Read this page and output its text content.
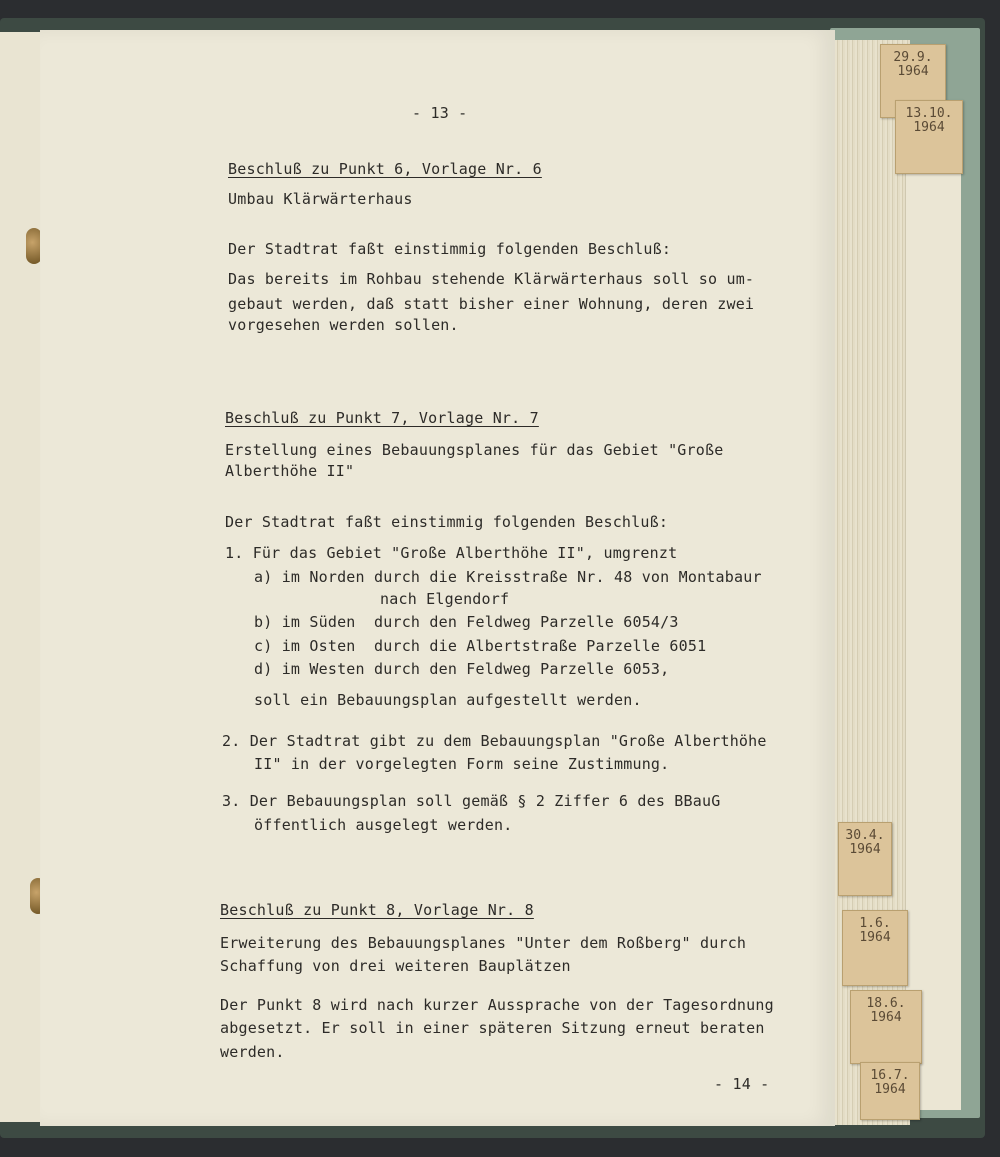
29.9.
1964
13.10.
1964
30.4.
1964
1.6.
1964
18.6.
1964
16.7.
1964
- 13 -
Beschluß zu Punkt 6, Vorlage Nr. 6
Umbau Klärwärterhaus
Der Stadtrat faßt einstimmig folgenden Beschluß:
Das bereits im Rohbau stehende Klärwärterhaus soll so um-
gebaut werden, daß statt bisher einer Wohnung, deren zwei
vorgesehen werden sollen.
Beschluß zu Punkt 7, Vorlage Nr. 7
Erstellung eines Bebauungsplanes für das Gebiet "Große
Alberthöhe II"
Der Stadtrat faßt einstimmig folgenden Beschluß:
1. Für das Gebiet "Große Alberthöhe II", umgrenzt
a) im Norden durch die Kreisstraße Nr. 48 von Montabaur
nach Elgendorf
b) im Süden  durch den Feldweg Parzelle 6054/3
c) im Osten  durch die Albertstraße Parzelle 6051
d) im Westen durch den Feldweg Parzelle 6053,
soll ein Bebauungsplan aufgestellt werden.
2. Der Stadtrat gibt zu dem Bebauungsplan "Große Alberthöhe
II" in der vorgelegten Form seine Zustimmung.
3. Der Bebauungsplan soll gemäß § 2 Ziffer 6 des BBauG
öffentlich ausgelegt werden.
Beschluß zu Punkt 8, Vorlage Nr. 8
Erweiterung des Bebauungsplanes "Unter dem Roßberg" durch
Schaffung von drei weiteren Bauplätzen
Der Punkt 8 wird nach kurzer Aussprache von der Tagesordnung
abgesetzt. Er soll in einer späteren Sitzung erneut beraten
werden.
- 14 -
